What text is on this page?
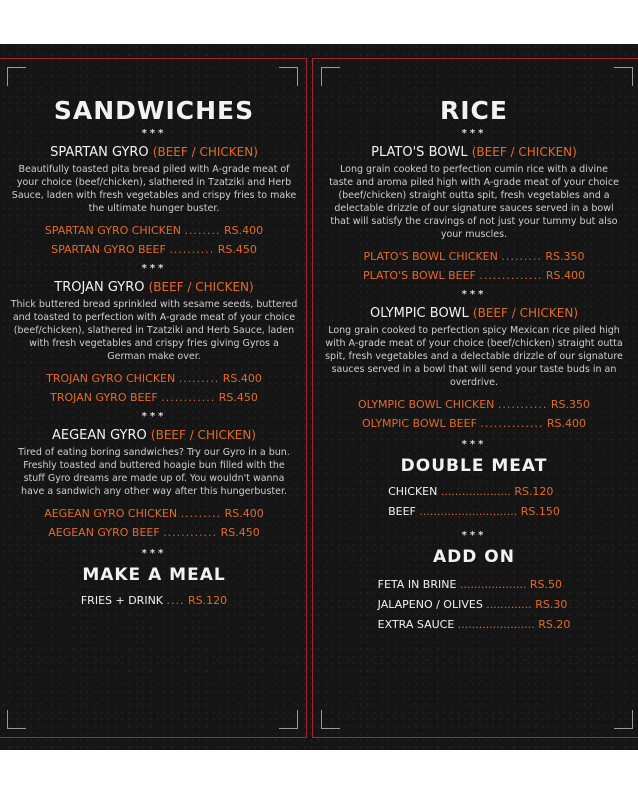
SANDWICHES
***
SPARTAN GYRO (BEEF / CHICKEN)

Beautifully toasted pita bread piled with A-grade meat of your choice (beef/chicken), slathered in Tzatziki and Herb Sauce, laden with fresh vegetables and crispy fries to make the ultimate hunger buster.

SPARTAN GYRO CHICKEN ........ RS.400
SPARTAN GYRO BEEF .......... RS.450
***
TROJAN GYRO (BEEF / CHICKEN)

Thick buttered bread sprinkled with sesame seeds, buttered and toasted to perfection with A-grade meat of your choice (beef/chicken), slathered in Tzatziki and Herb Sauce, laden with fresh vegetables and crispy fries giving Gyros a German make over.

TROJAN GYRO CHICKEN ......... RS.400
TROJAN GYRO BEEF ............ RS.450
***
AEGEAN GYRO (BEEF / CHICKEN)

Tired of eating boring sandwiches? Try our Gyro in a bun. Freshly toasted and buttered hoagie bun filled with the stuff Gyro dreams are made up of. You wouldn't wanna have a sandwich any other way after this hungerbuster.

AEGEAN GYRO CHICKEN ......... RS.400
AEGEAN GYRO BEEF ............ RS.450
***
MAKE A MEAL
FRIES + DRINK .... RS.120
RICE
***
PLATO'S BOWL (BEEF / CHICKEN)

Long grain cooked to perfection cumin rice with a divine taste and aroma piled high with A-grade meat of your choice (beef/chicken) straight outta spit, fresh vegetables and a delectable drizzle of our signature sauces served in a bowl that will satisfy the cravings of not just your tummy but also your muscles.

PLATO'S BOWL CHICKEN ......... RS.350
PLATO'S BOWL BEEF .............. RS.400
***
OLYMPIC BOWL (BEEF / CHICKEN)

Long grain cooked to perfection spicy Mexican rice piled high with A-grade meat of your choice (beef/chicken) straight outta spit, fresh vegetables and a delectable drizzle of our signature sauces served in a bowl that will send your taste buds in an overdrive.

OLYMPIC BOWL CHICKEN ........... RS.350
OLYMPIC BOWL BEEF .............. RS.400
***
DOUBLE MEAT
CHICKEN .................... RS.120
BEEF ............................ RS.150
***
ADD ON
FETA IN BRINE ................... RS.50
JALAPENO / OLIVES ............. RS.30
EXTRA SAUCE ...................... RS.20
